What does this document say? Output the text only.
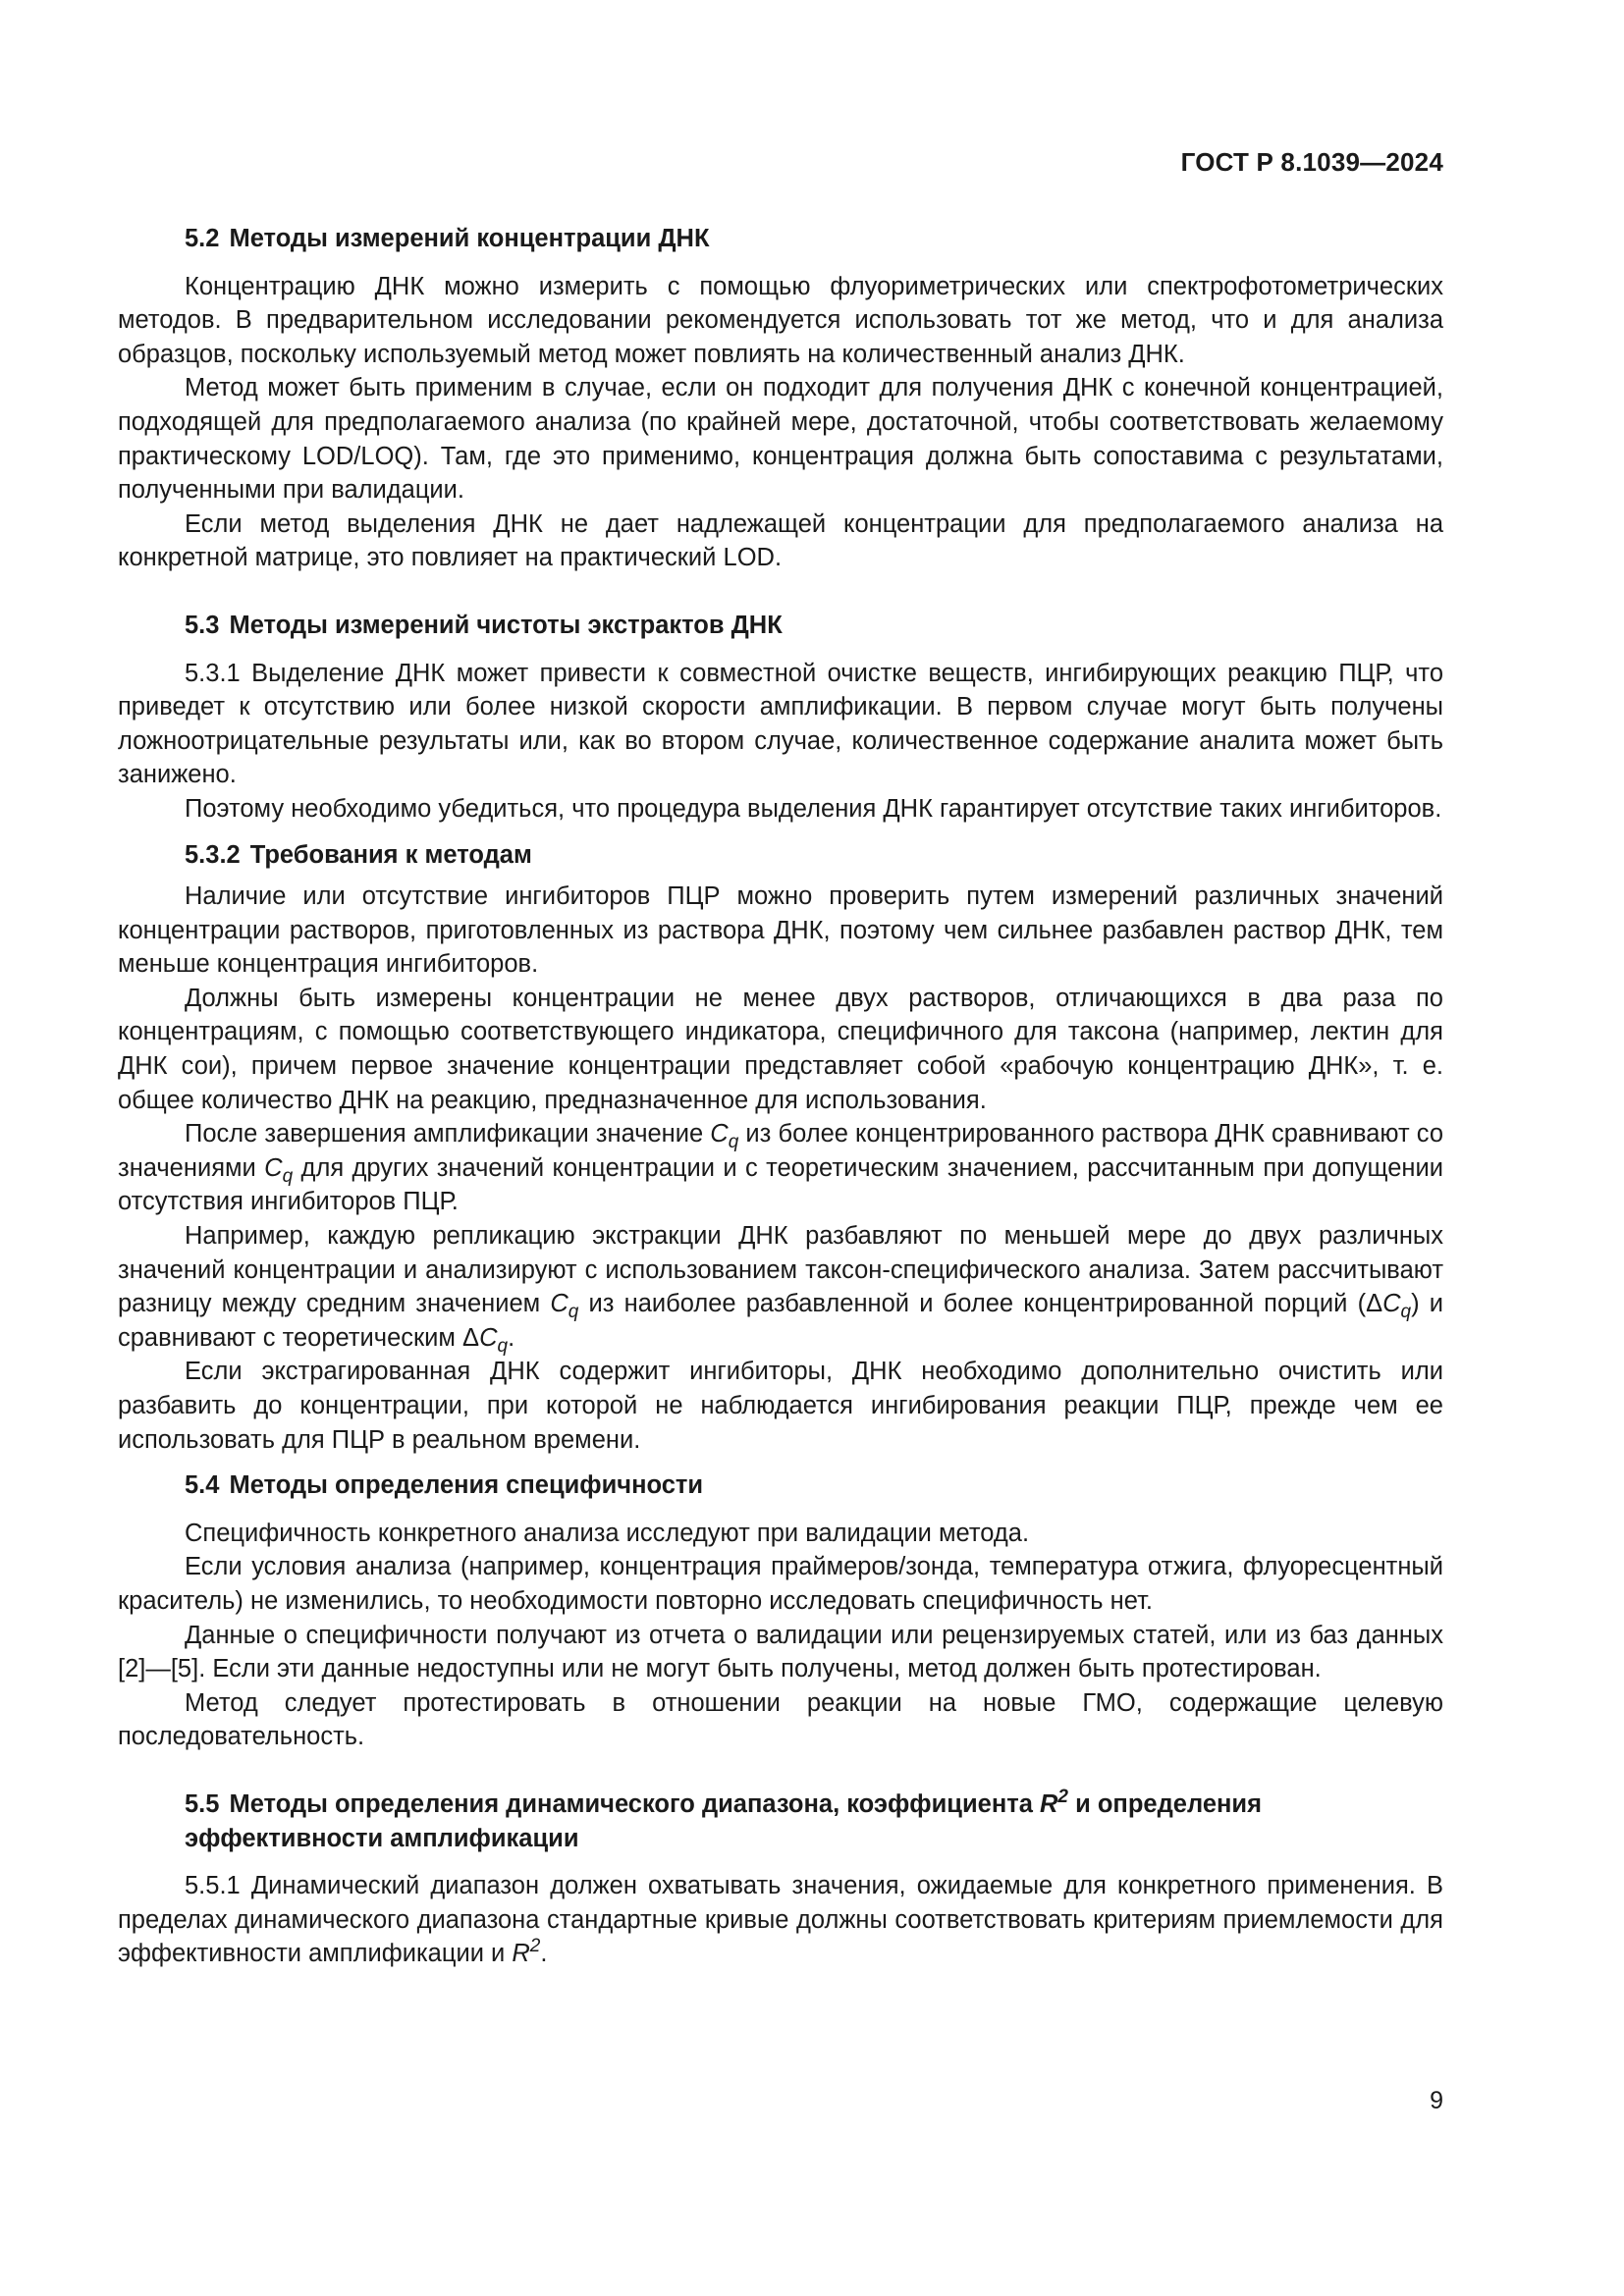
ГОСТ Р 8.1039—2024
5.2 Методы измерений концентрации ДНК

Концентрацию ДНК можно измерить с помощью флуориметрических или спектрофотометрических методов. В предварительном исследовании рекомендуется использовать тот же метод, что и для анализа образцов, поскольку используемый метод может повлиять на количественный анализ ДНК.

Метод может быть применим в случае, если он подходит для получения ДНК с конечной концентрацией, подходящей для предполагаемого анализа (по крайней мере, достаточной, чтобы соответствовать желаемому практическому LOD/LOQ). Там, где это применимо, концентрация должна быть сопоставима с результатами, полученными при валидации.

Если метод выделения ДНК не дает надлежащей концентрации для предполагаемого анализа на конкретной матрице, это повлияет на практический LOD.

5.3 Методы измерений чистоты экстрактов ДНК

5.3.1 Выделение ДНК может привести к совместной очистке веществ, ингибирующих реакцию ПЦР, что приведет к отсутствию или более низкой скорости амплификации. В первом случае могут быть получены ложноотрицательные результаты или, как во втором случае, количественное содержание аналита может быть занижено.

Поэтому необходимо убедиться, что процедура выделения ДНК гарантирует отсутствие таких ингибиторов.

5.3.2 Требования к методам

Наличие или отсутствие ингибиторов ПЦР можно проверить путем измерений различных значений концентрации растворов, приготовленных из раствора ДНК, поэтому чем сильнее разбавлен раствор ДНК, тем меньше концентрация ингибиторов.

Должны быть измерены концентрации не менее двух растворов, отличающихся в два раза по концентрациям, с помощью соответствующего индикатора, специфичного для таксона (например, лектин для ДНК сои), причем первое значение концентрации представляет собой «рабочую концентрацию ДНК», т. е. общее количество ДНК на реакцию, предназначенное для использования.

После завершения амплификации значение $C_q$ из более концентрированного раствора ДНК сравнивают со значениями $C_q$ для других значений концентрации и с теоретическим значением, рассчитанным при допущении отсутствия ингибиторов ПЦР.

Например, каждую репликацию экстракции ДНК разбавляют по меньшей мере до двух различных значений концентрации и анализируют с использованием таксон-специфического анализа. Затем рассчитывают разницу между средним значением $C_q$ из наиболее разбавленной и более концентрированной порций $(\Delta C_q)$ и сравнивают с теоретическим $\Delta C_q$.

Если экстрагированная ДНК содержит ингибиторы, ДНК необходимо дополнительно очистить или разбавить до концентрации, при которой не наблюдается ингибирования реакции ПЦР, прежде чем ее использовать для ПЦР в реальном времени.

5.4 Методы определения специфичности

Специфичность конкретного анализа исследуют при валидации метода.

Если условия анализа (например, концентрация праймеров/зонда, температура отжига, флуоресцентный краситель) не изменились, то необходимости повторно исследовать специфичность нет.

Данные о специфичности получают из отчета о валидации или рецензируемых статей, или из баз данных [2]—[5]. Если эти данные недоступны или не могут быть получены, метод должен быть протестирован.

Метод следует протестировать в отношении реакции на новые ГМО, содержащие целевую последовательность.

5.5 Методы определения динамического диапазона, коэффициента $R^2$ и определения эффективности амплификации

5.5.1 Динамический диапазон должен охватывать значения, ожидаемые для конкретного применения. В пределах динамического диапазона стандартные кривые должны соответствовать критериям приемлемости для эффективности амплификации и $R^2$.

9
